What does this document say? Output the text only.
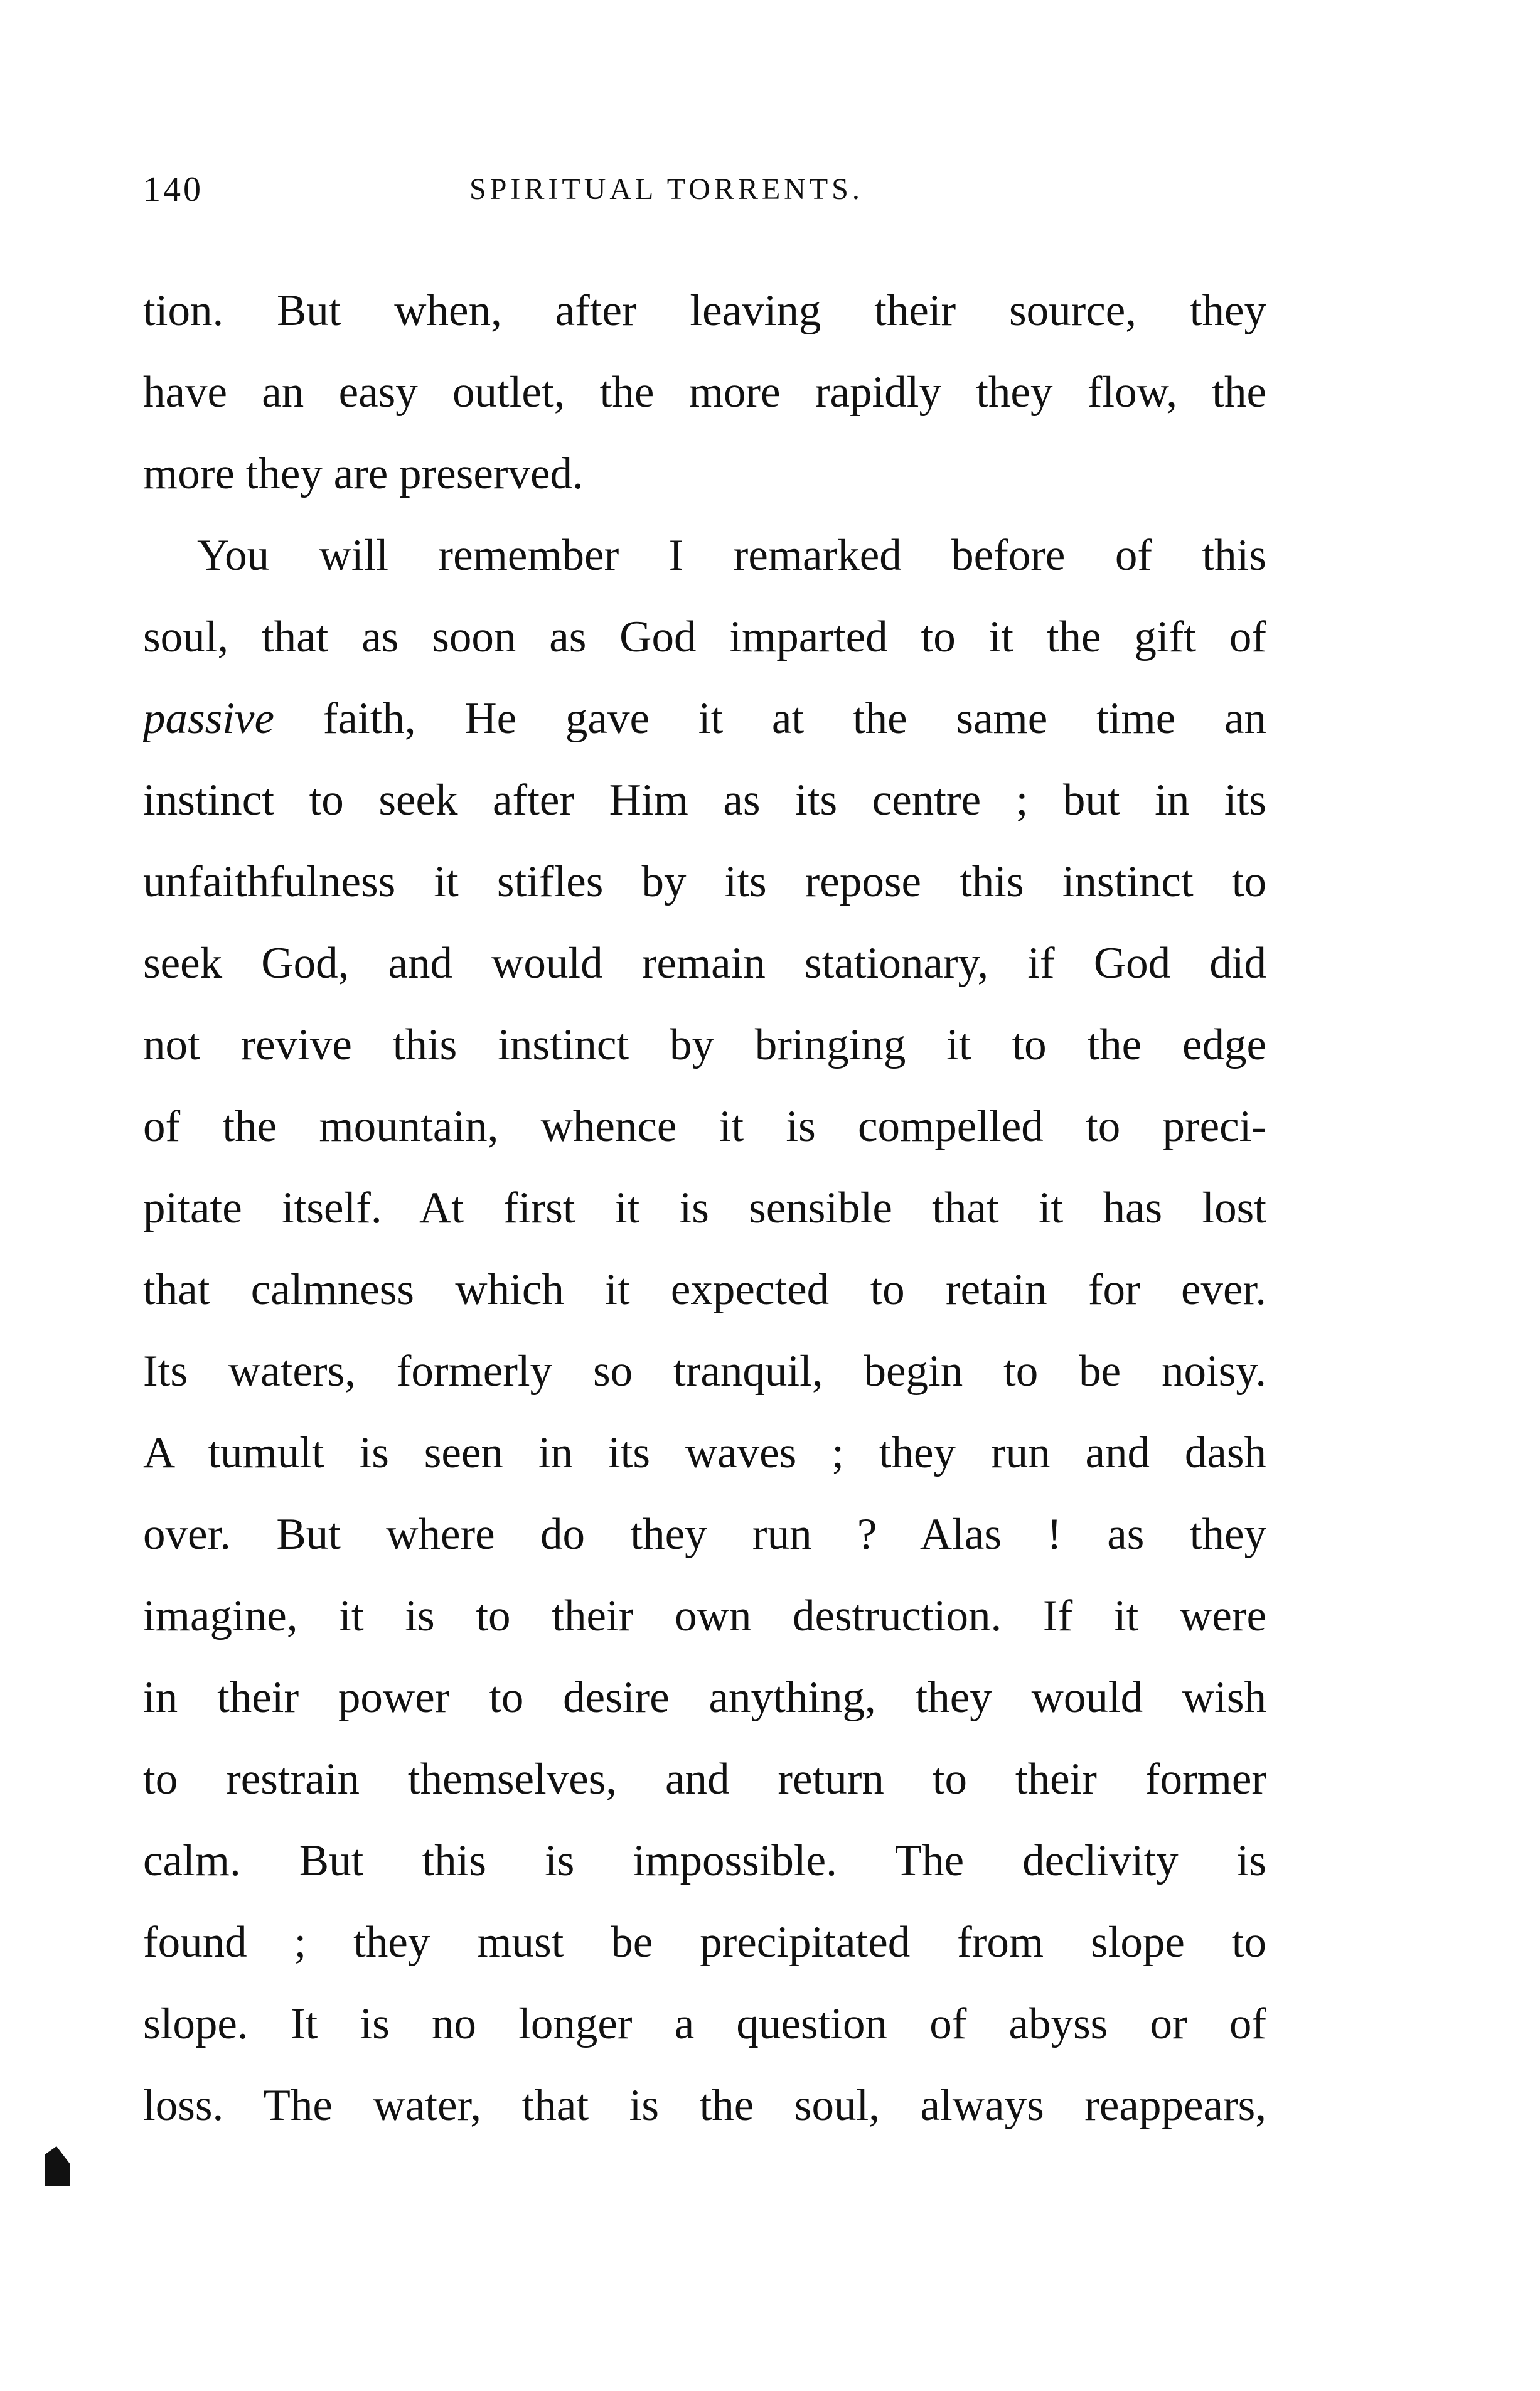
140	SPIRITUAL TORRENTS.
tion. But when, after leaving their source, they
have an easy outlet, the more rapidly they flow, the
more they are preserved.
You will remember I remarked before of this
soul, that as soon as God imparted to it the gift of
passive faith, He gave it at the same time an
instinct to seek after Him as its centre ; but in its
unfaithfulness it stifles by its repose this instinct to
seek God, and would remain stationary, if God did
not revive this instinct by bringing it to the edge
of the mountain, whence it is compelled to preci-
pitate itself. At first it is sensible that it has lost
that calmness which it expected to retain for ever.
Its waters, formerly so tranquil, begin to be noisy.
A tumult is seen in its waves ; they run and dash
over. But where do they run ? Alas ! as they
imagine, it is to their own destruction. If it were
in their power to desire anything, they would wish
to restrain themselves, and return to their former
calm. But this is impossible. The declivity is
found ; they must be precipitated from slope to
slope. It is no longer a question of abyss or of
loss. The water, that is the soul, always reappears,
